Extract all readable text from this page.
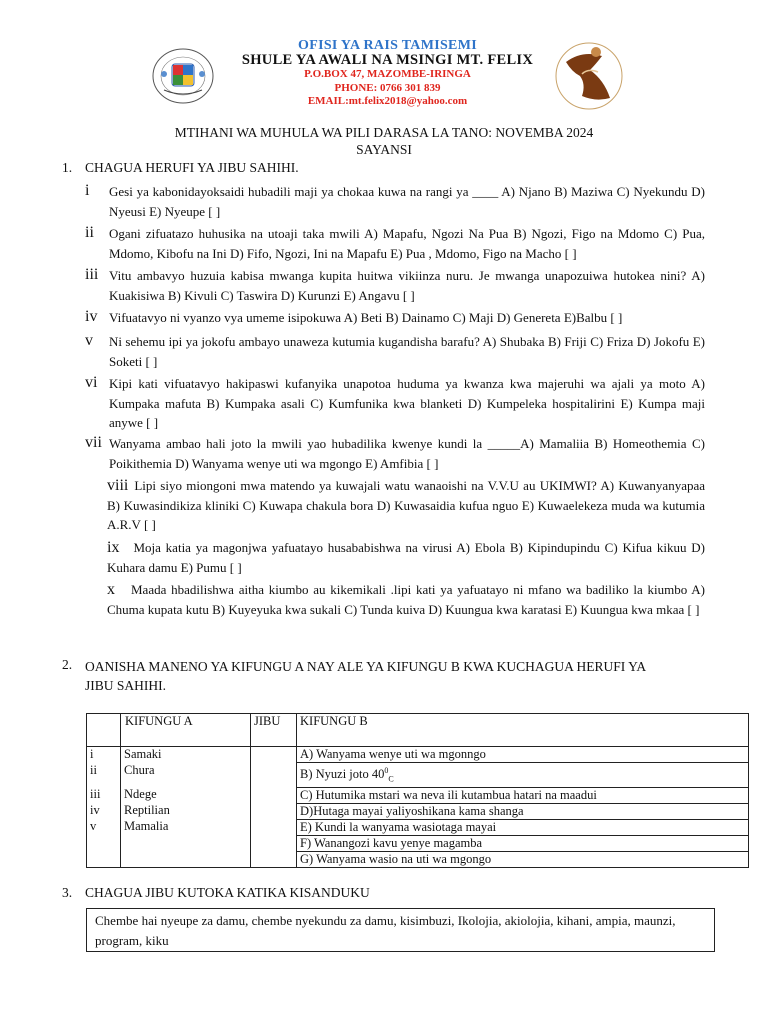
OFISI YA RAIS TAMISEMI
SHULE YA AWALI NA MSINGI MT. FELIX
P.O.BOX 47, MAZOMBE-IRINGA
PHONE: 0766 301 839
EMAIL:mt.felix2018@yahoo.com
MTIHANI WA MUHULA WA PILI DARASA LA TANO: NOVEMBA 2024
SAYANSI
1. CHAGUA HERUFI YA JIBU SAHIHI.
i	Gesi ya kabonidayoksaidi hubadili maji ya chokaa kuwa na rangi ya ____ A) Njano B) Maziwa C) Nyekundu D) Nyeusi E) Nyeupe [ ]
ii	Ogani zifuatazo huhusika na utoaji taka mwili A) Mapafu, Ngozi Na Pua B) Ngozi, Figo na Mdomo C) Pua, Mdomo, Kibofu na Ini D) Fifo, Ngozi, Ini na Mapafu E) Pua , Mdomo, Figo na Macho [ ]
iii Vitu ambavyo huzuia kabisa mwanga kupita huitwa vikiinza nuru. Je mwanga unapozuiwa hutokea nini? A) Kuakisiwa B) Kivuli C) Taswira D) Kurunzi E) Angavu [ ]
iv Vifuatavyo ni vyanzo vya umeme isipokuwa A) Beti B) Dainamo C) Maji D) Genereta E)Balbu [ ]
v	Ni sehemu ipi ya jokofu ambayo unaweza kutumia kugandisha barafu? A) Shubaka B) Friji C) Friza D) Jokofu E) Soketi [ ]
vi Kipi kati vifuatavyo hakipaswi kufanyika unapotoa huduma ya kwanza kwa majeruhi wa ajali ya moto A) Kumpaka mafuta B) Kumpaka asali C) Kumfunika kwa blanketi D) Kumpeleka hospitalirini E) Kumpa maji anywe [ ]
vii Wanyama ambao hali joto la mwili yao hubadilika kwenye kundi la _____A) Mamaliia B) Homeothemia C) Poikithemia D) Wanyama wenye uti wa mgongo E) Amfibia [ ]
viii Lipi siyo miongoni mwa matendo ya kuwajali watu wanaoishi na V.V.U au UKIMWI? A) Kuwanyanyapaa B) Kuwasindikiza kliniki C) Kuwapa chakula bora D) Kuwasaidia kufua nguo E) Kuwaelekeza muda wa kutumia A.R.V [ ]
ix Moja katia ya magonjwa yafuatayo husababishwa na virusi A) Ebola B) Kipindupindu C) Kifua kikuu D) Kuhara damu E) Pumu [ ]
x Maada hbadilishwa aitha kiumbo au kikemikali .lipi kati ya yafuatayo ni mfano wa badiliko la kiumbo A) Chuma kupata kutu B) Kuyeyuka kwa sukali C) Tunda kuiva D) Kuungua kwa karatasi E) Kuungua kwa mkaa [ ]
2. OANISHA MANENO YA KIFUNGU A NAY ALE YA KIFUNGU B KWA KUCHAGUA HERUFI YA
JIBU SAHIHI.
	KIFUNGU A	JIBU	KIFUNGU B
i	Samaki		A) Wanyama wenye uti wa mgonngo
ii	Chura		B) Nyuzi joto $40^0_C$
iii	Ndege		C) Hutumika mstari wa neva ili kutambua hatari na maadui
iv	Reptilian		D)Hutaga mayai yaliyoshikana kama shanga
v	Mamalia		E) Kundi la wanyama wasiotaga mayai
			F) Wanangozi kavu yenye magamba
			G) Wanyama wasio na uti wa mgongo
3. CHAGUA JIBU KUTOKA KATIKA KISANDUKU
Chembe hai nyeupe za damu, chembe nyekundu za damu, kisimbuzi, Ikolojia, akiolojia, kihani, ampia, maunzi, program, kiku
